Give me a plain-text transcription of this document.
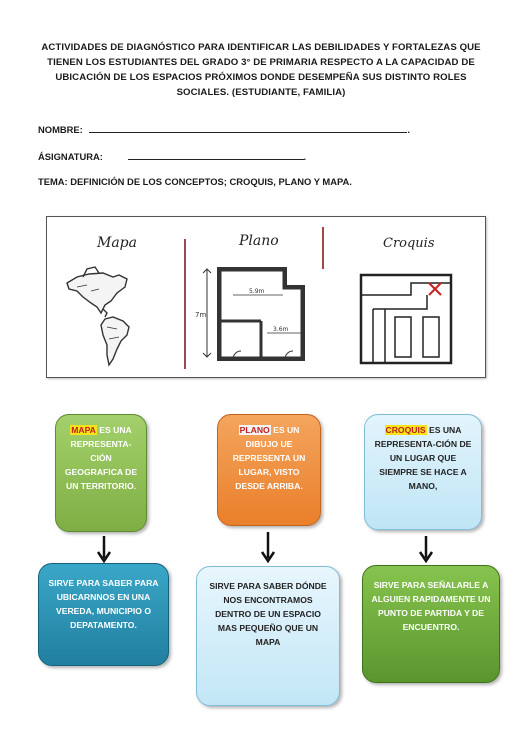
ACTIVIDADES DE DIAGNÓSTICO PARA IDENTIFICAR LAS DEBILIDADES Y FORTALEZAS QUE TIENEN LOS ESTUDIANTES DEL GRADO 3° DE PRIMARIA RESPECTO A LA CAPACIDAD DE UBICACIÓN DE LOS ESPACIOS PRÓXIMOS DONDE DESEMPEÑA SUS DISTINTO ROLES SOCIALES. (ESTUDIANTE, FAMILIA)
NOMBRE:	.
ÁSIGNATURA:	.
TEMA: DEFINICIÓN DE LOS CONCEPTOS; CROQUIS, PLANO Y MAPA.
Mapa	Plano	Croquis
7m
5.9m
3.6m
MAPA ES UNA REPRESENTA-CIÓN GEOGRAFICA DE UN TERRITORIO.
PLANO ES UN DIBUJO UE REPRESENTA UN LUGAR, VISTO DESDE ARRIBA.
CROQUIS ES UNA REPRESENTA-CIÓN DE UN LUGAR QUE SIEMPRE SE HACE A MANO,
SIRVE PARA SABER PARA UBICARNNOS EN UNA VEREDA, MUNICIPIO O DEPATAMENTO.
SIRVE PARA SABER DÓNDE NOS ENCONTRAMOS DENTRO DE UN ESPACIO MAS PEQUEÑO QUE UN MAPA
SIRVE PARA SEÑALARLE A ALGUIEN RAPIDAMENTE UN PUNTO DE PARTIDA Y DE ENCUENTRO.
